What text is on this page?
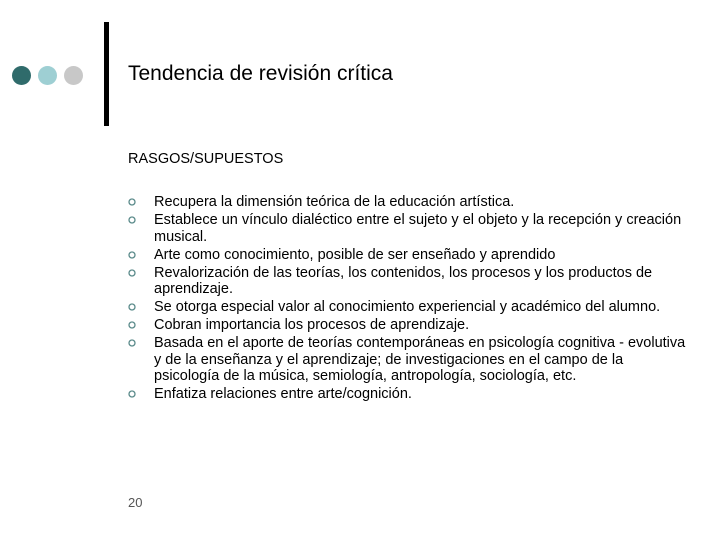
Tendencia de revisión crítica

RASGOS/SUPUESTOS

Recupera la dimensión teórica de la educación artística.
Establece un vínculo dialéctico entre el sujeto y el objeto y la recepción y creación musical.
Arte como conocimiento, posible de ser enseñado y aprendido
Revalorización de las teorías, los contenidos, los procesos y los productos de aprendizaje.
Se otorga especial valor al conocimiento experiencial y académico del alumno.
Cobran importancia los procesos de aprendizaje.
Basada en el aporte de teorías contemporáneas en psicología cognitiva - evolutiva y de la enseñanza y el aprendizaje; de investigaciones en el campo de la psicología de la música, semiología, antropología, sociología, etc.
Enfatiza relaciones entre arte/cognición.

20
